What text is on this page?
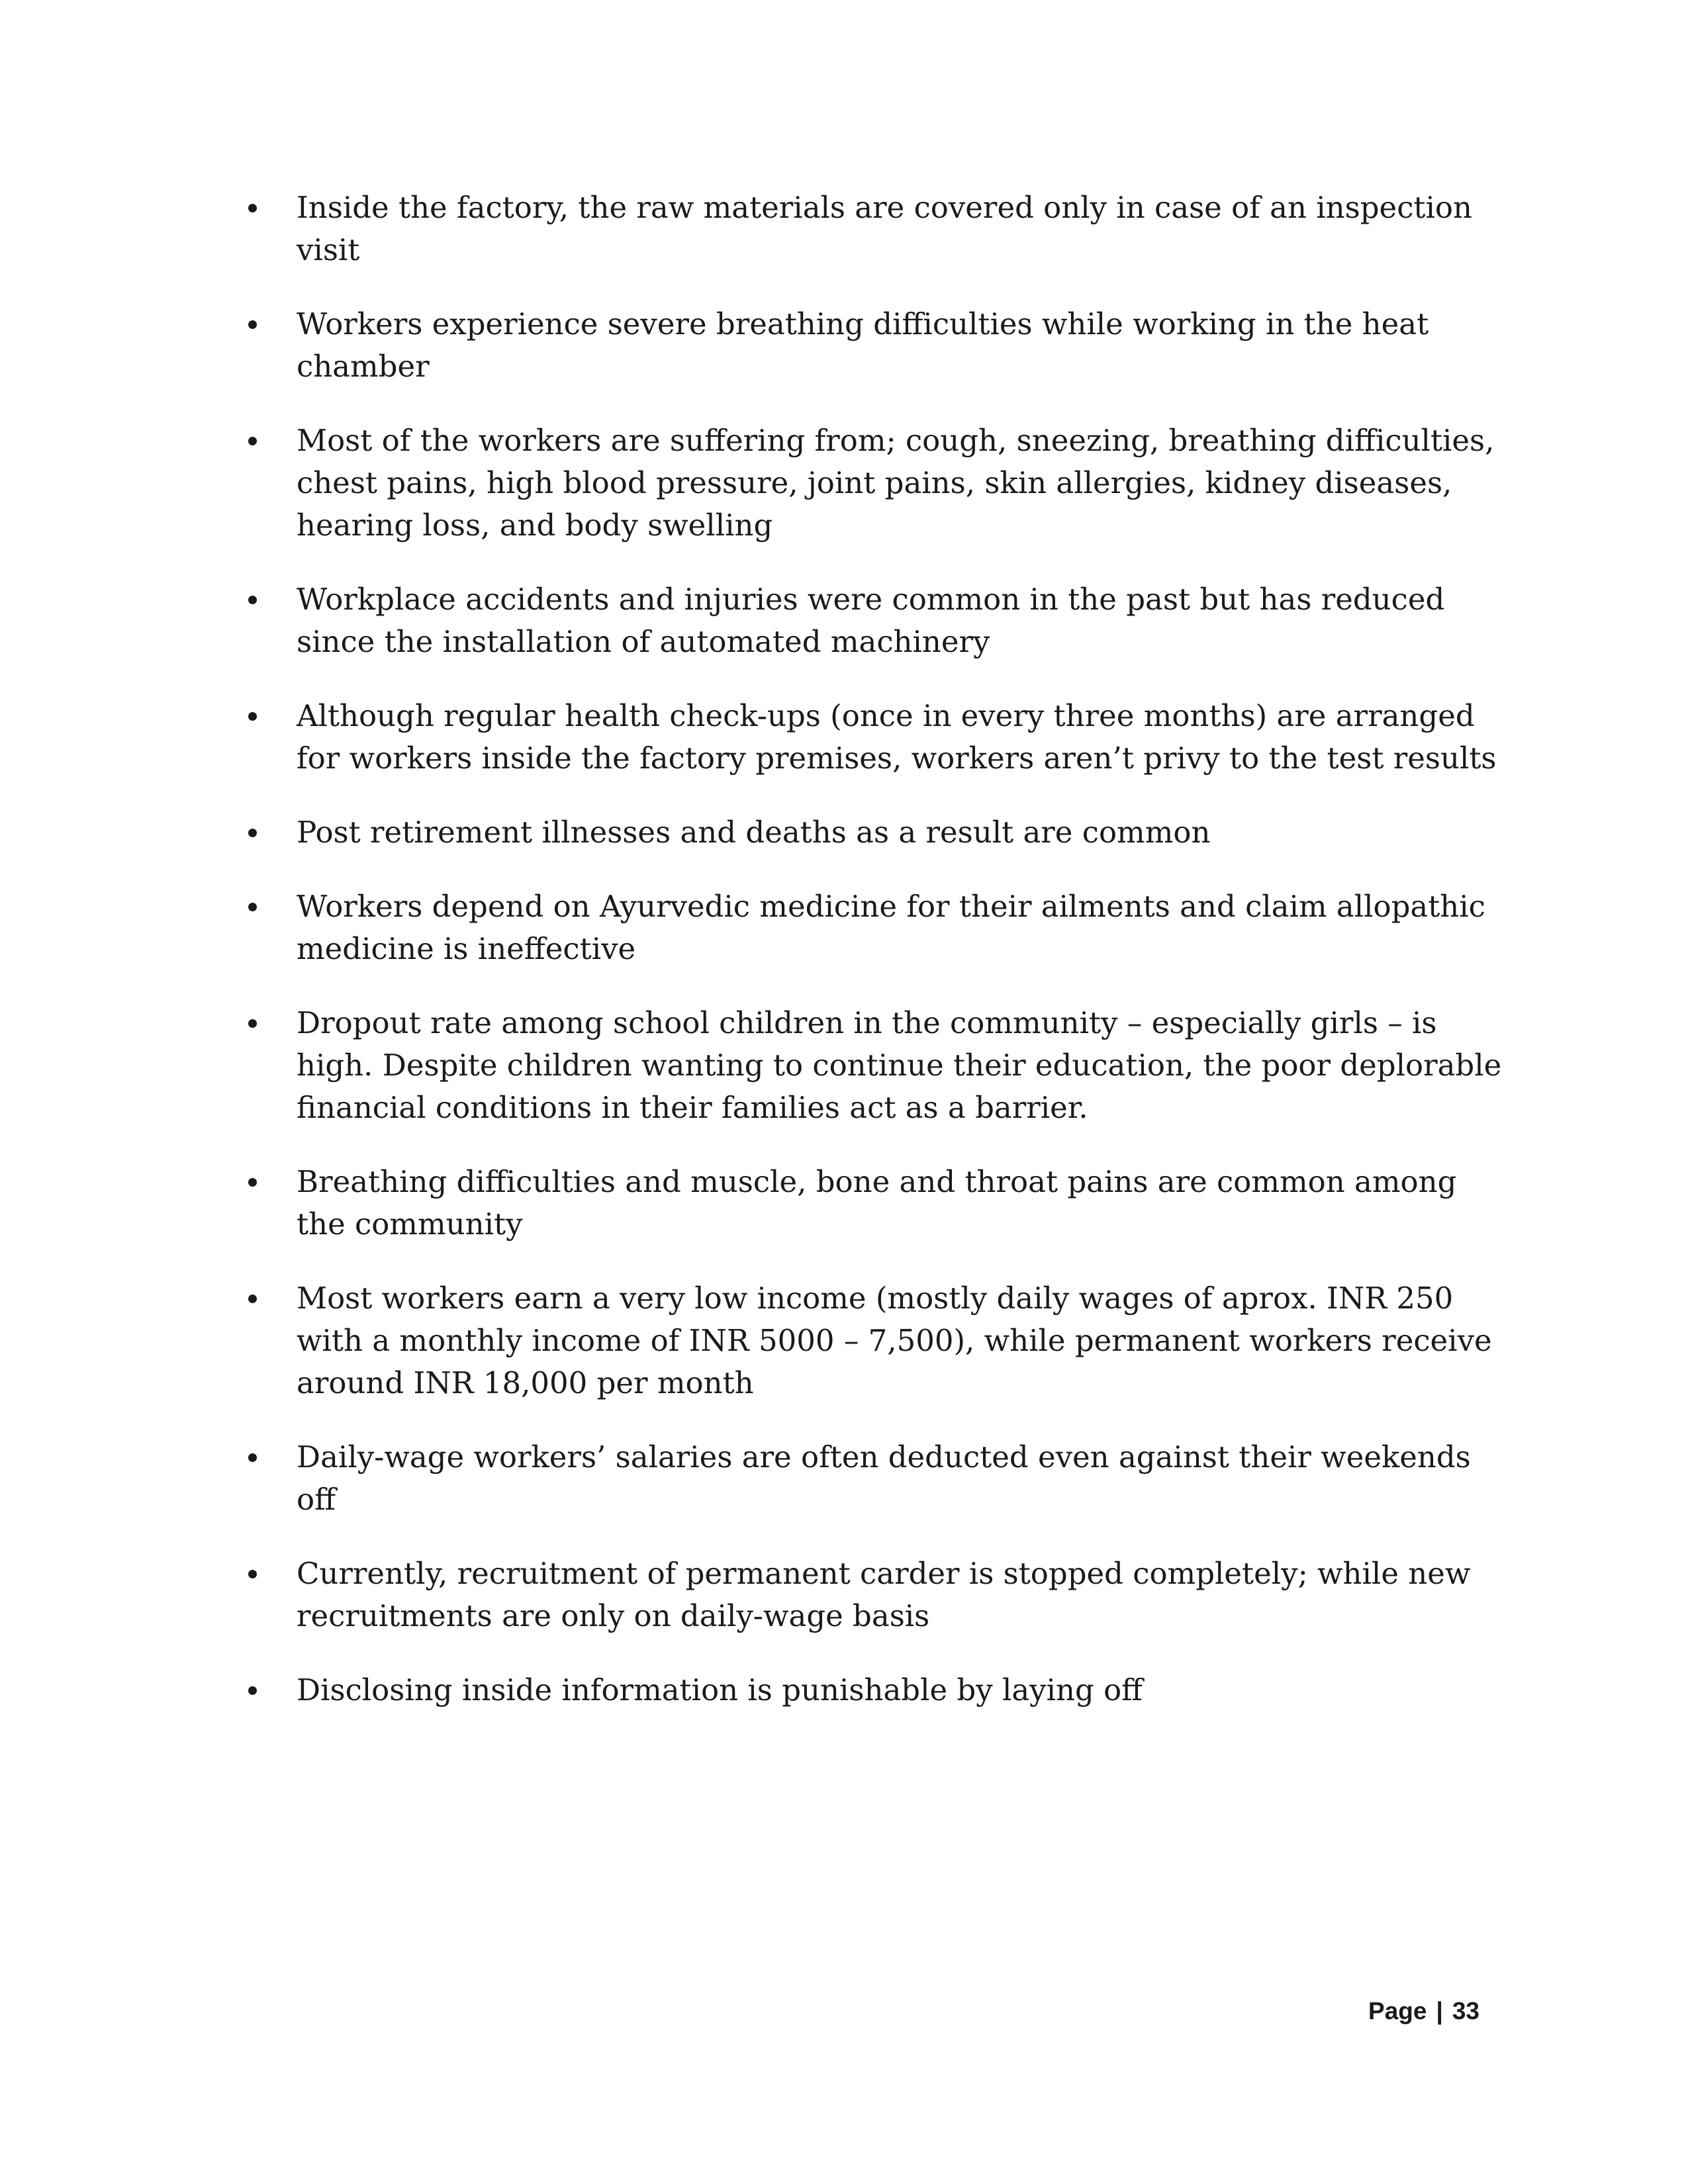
Inside the factory, the raw materials are covered only in case of an inspection visit
Workers experience severe breathing difficulties while working in the heat chamber
Most of the workers are suffering from; cough, sneezing, breathing difficulties, chest pains, high blood pressure, joint pains, skin allergies, kidney diseases, hearing loss, and body swelling
Workplace accidents and injuries were common in the past but has reduced since the installation of automated machinery
Although regular health check-ups (once in every three months) are arranged for workers inside the factory premises, workers aren’t privy to the test results
Post retirement illnesses and deaths as a result are common
Workers depend on Ayurvedic medicine for their ailments and claim allopathic medicine is ineffective
Dropout rate among school children in the community – especially girls – is high. Despite children wanting to continue their education, the poor deplorable financial conditions in their families act as a barrier.
Breathing difficulties and muscle, bone and throat pains are common among the community
Most workers earn a very low income (mostly daily wages of aprox. INR 250 with a monthly income of INR 5000 – 7,500), while permanent workers receive around INR 18,000 per month
Daily-wage workers’ salaries are often deducted even against their weekends off
Currently, recruitment of permanent carder is stopped completely; while new recruitments are only on daily-wage basis
Disclosing inside information is punishable by laying off
Page | 33
